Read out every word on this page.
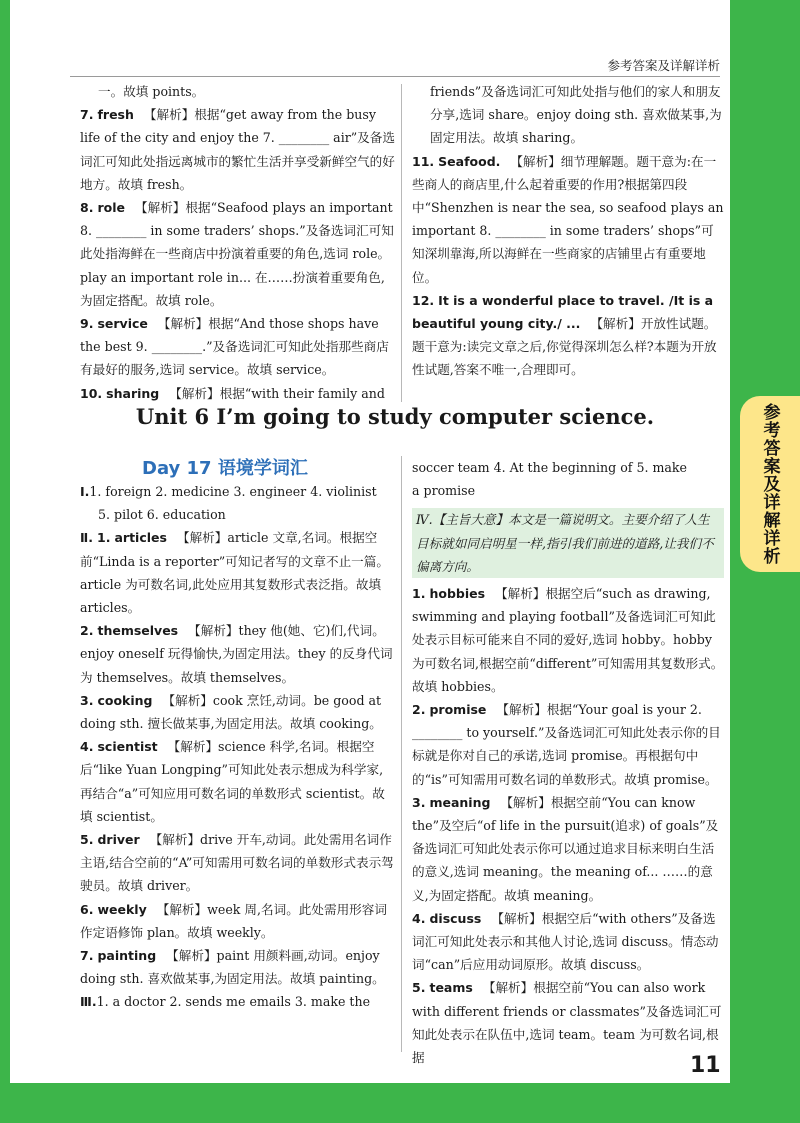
参考答案及详解详析
参考答案及详解详析
一。故填 points。
7. fresh 【解析】根据“get away from the busy life of the city and enjoy the 7. ________ air”及备选词汇可知此处指远离城市的繁忙生活并享受新鲜空气的好地方。故填 fresh。
8. role 【解析】根据“Seafood plays an important 8. ________ in some traders’ shops.”及备选词汇可知此处指海鲜在一些商店中扮演着重要的角色,选词 role。play an important role in... 在……扮演着重要角色,为固定搭配。故填 role。
9. service 【解析】根据“And those shops have the best 9. ________.”及备选词汇可知此处指那些商店有最好的服务,选词 service。故填 service。
10. sharing 【解析】根据“with their family and
friends”及备选词汇可知此处指与他们的家人和朋友分享,选词 share。enjoy doing sth. 喜欢做某事,为固定用法。故填 sharing。
11. Seafood. 【解析】细节理解题。题干意为:在一些商人的商店里,什么起着重要的作用?根据第四段中“Shenzhen is near the sea, so seafood plays an important 8. ________ in some traders’ shops”可知深圳靠海,所以海鲜在一些商家的店铺里占有重要地位。
12. It is a wonderful place to travel. /It is a beautiful young city./ ... 【解析】开放性试题。题干意为:读完文章之后,你觉得深圳怎么样?本题为开放性试题,答案不唯一,合理即可。
Unit 6 I’m going to study computer science.
Day 17 语境学词汇
Ⅰ. 1. foreign 2. medicine 3. engineer 4. violinist
5. pilot 6. education
Ⅱ. 1. articles 【解析】article 文章,名词。根据空前“Linda is a reporter”可知记者写的文章不止一篇。article 为可数名词,此处应用其复数形式表泛指。故填 articles。
2. themselves 【解析】they 他(她、它)们,代词。enjoy oneself 玩得愉快,为固定用法。they 的反身代词为 themselves。故填 themselves。
3. cooking 【解析】cook 烹饪,动词。be good at doing sth. 擅长做某事,为固定用法。故填 cooking。
4. scientist 【解析】science 科学,名词。根据空后“like Yuan Longping”可知此处表示想成为科学家,再结合“a”可知应用可数名词的单数形式 scientist。故填 scientist。
5. driver 【解析】drive 开车,动词。此处需用名词作主语,结合空前的“A”可知需用可数名词的单数形式表示驾驶员。故填 driver。
6. weekly 【解析】week 周,名词。此处需用形容词作定语修饰 plan。故填 weekly。
7. painting 【解析】paint 用颜料画,动词。enjoy doing sth. 喜欢做某事,为固定用法。故填 painting。
Ⅲ. 1. a doctor 2. sends me emails 3. make the
soccer team 4. At the beginning of 5. make
a promise
Ⅳ.【主旨大意】本文是一篇说明文。主要介绍了人生目标就如同启明星一样,指引我们前进的道路,让我们不偏离方向。
1. hobbies 【解析】根据空后“such as drawing, swimming and playing football”及备选词汇可知此处表示目标可能来自不同的爱好,选词 hobby。hobby 为可数名词,根据空前“different”可知需用其复数形式。故填 hobbies。
2. promise 【解析】根据“Your goal is your 2. ________ to yourself.”及备选词汇可知此处表示你的目标就是你对自己的承诺,选词 promise。再根据句中的“is”可知需用可数名词的单数形式。故填 promise。
3. meaning 【解析】根据空前“You can know the”及空后“of life in the pursuit(追求) of goals”及备选词汇可知此处表示你可以通过追求目标来明白生活的意义,选词 meaning。the meaning of... ……的意义,为固定搭配。故填 meaning。
4. discuss 【解析】根据空后“with others”及备选词汇可知此处表示和其他人讨论,选词 discuss。情态动词“can”后应用动词原形。故填 discuss。
5. teams 【解析】根据空前“You can also work with different friends or classmates”及备选词汇可知此处表示在队伍中,选词 team。team 为可数名词,根据	11
